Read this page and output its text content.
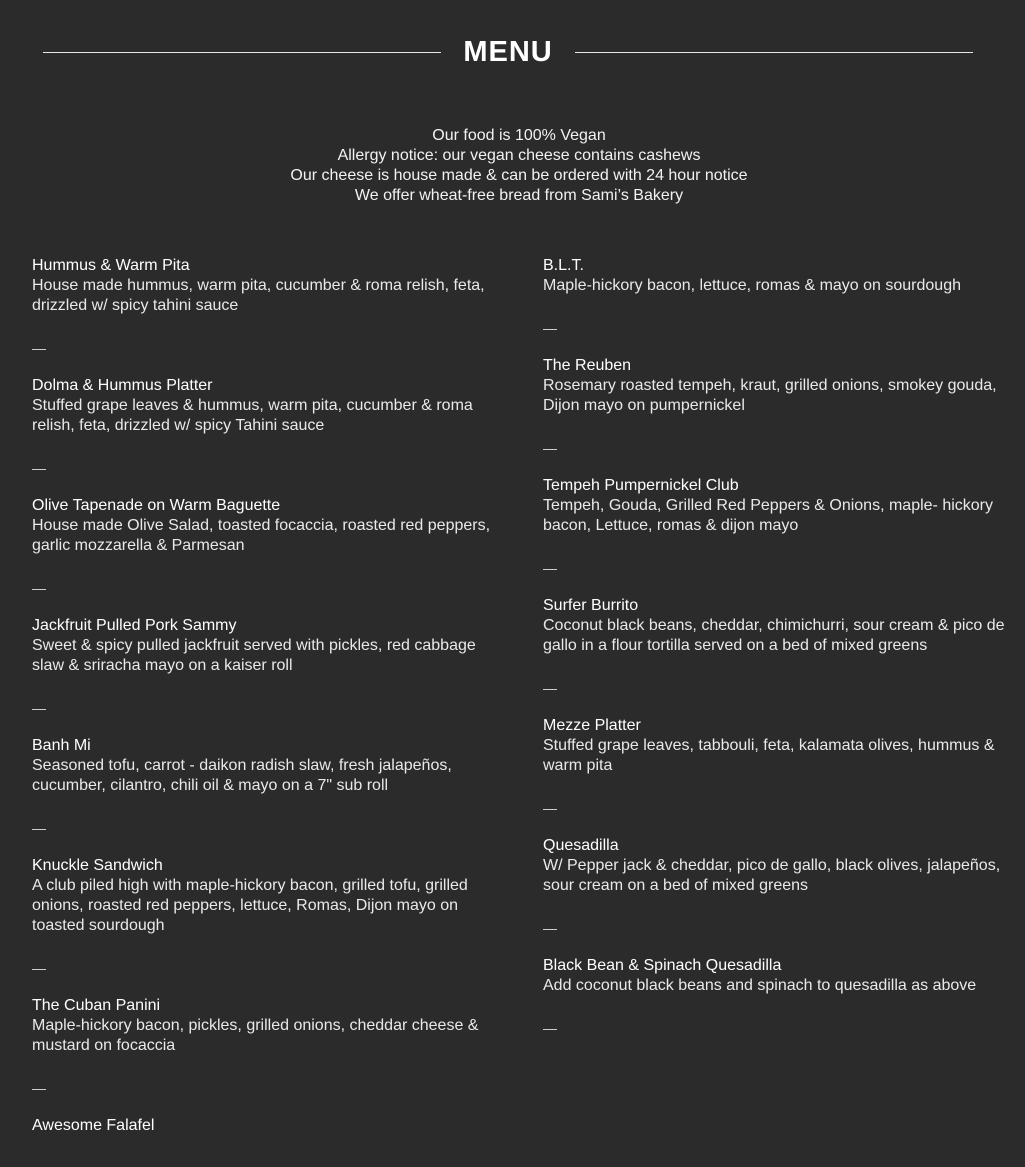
MENU
Our food is 100% Vegan
Allergy notice: our vegan cheese contains cashews
Our cheese is house made & can be ordered with 24 hour notice
We offer wheat-free bread from Sami’s Bakery
Hummus & Warm Pita
House made hummus, warm pita, cucumber & roma relish, feta, drizzled w/ spicy tahini sauce
—
Dolma & Hummus Platter
Stuffed grape leaves & hummus, warm pita, cucumber & roma relish, feta, drizzled w/ spicy Tahini sauce
—
Olive Tapenade on Warm Baguette
House made Olive Salad, toasted focaccia, roasted red peppers, garlic mozzarella & Parmesan
—
Jackfruit Pulled Pork Sammy
Sweet & spicy pulled jackfruit served with pickles, red cabbage slaw & sriracha mayo on a kaiser roll
—
Banh Mi
Seasoned tofu, carrot - daikon radish slaw, fresh jalapeños, cucumber, cilantro, chili oil & mayo on a 7" sub roll
—
Knuckle Sandwich
A club piled high with maple-hickory bacon, grilled tofu, grilled onions, roasted red peppers, lettuce, Romas, Dijon mayo on toasted sourdough
—
The Cuban Panini
Maple-hickory bacon, pickles, grilled onions, cheddar cheese & mustard on focaccia
—
Awesome Falafel
B.L.T.
Maple-hickory bacon, lettuce, romas & mayo on sourdough
—
The Reuben
Rosemary roasted tempeh, kraut, grilled onions, smokey gouda, Dijon mayo on pumpernickel
—
Tempeh Pumpernickel Club
Tempeh, Gouda, Grilled Red Peppers & Onions, maple- hickory bacon, Lettuce, romas & dijon mayo
—
Surfer Burrito
Coconut black beans, cheddar, chimichurri, sour cream & pico de gallo in a flour tortilla served on a bed of mixed greens
—
Mezze Platter
Stuffed grape leaves, tabbouli, feta, kalamata olives, hummus & warm pita
—
Quesadilla
W/ Pepper jack & cheddar, pico de gallo, black olives, jalapeños, sour cream on a bed of mixed greens
—
Black Bean & Spinach Quesadilla
Add coconut black beans and spinach to quesadilla as above
—
